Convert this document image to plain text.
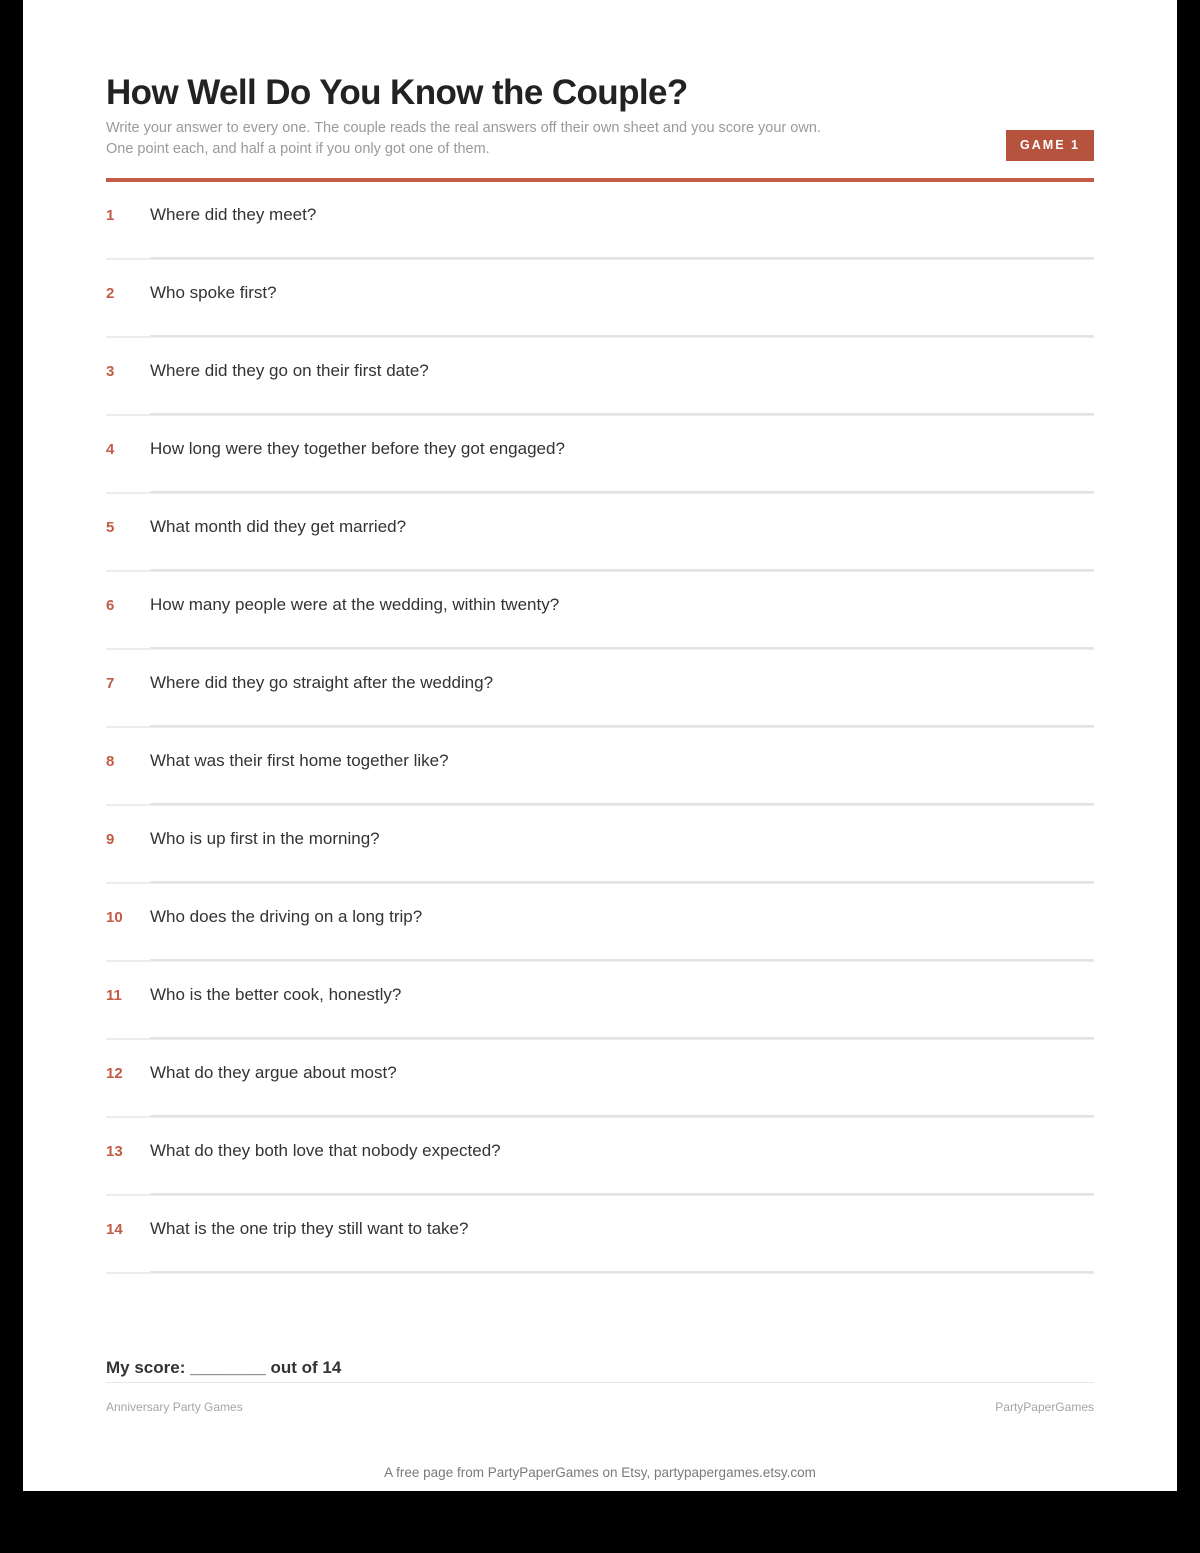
How Well Do You Know the Couple?

Write your answer to every one. The couple reads the real answers off their own sheet and you score your own. One point each, and half a point if you only got one of them.	GAME 1
1 Where did they meet?
2 Who spoke first?
3 Where did they go on their first date?
4 How long were they together before they got engaged?
5 What month did they get married?
6 How many people were at the wedding, within twenty?
7 Where did they go straight after the wedding?
8 What was their first home together like?
9 Who is up first in the morning?
10 Who does the driving on a long trip?
11 Who is the better cook, honestly?
12 What do they argue about most?
13 What do they both love that nobody expected?
14 What is the one trip they still want to take?
My score: ________ out of 14
Anniversary Party Games	PartyPaperGames
A free page from PartyPaperGames on Etsy, partypapergames.etsy.com
